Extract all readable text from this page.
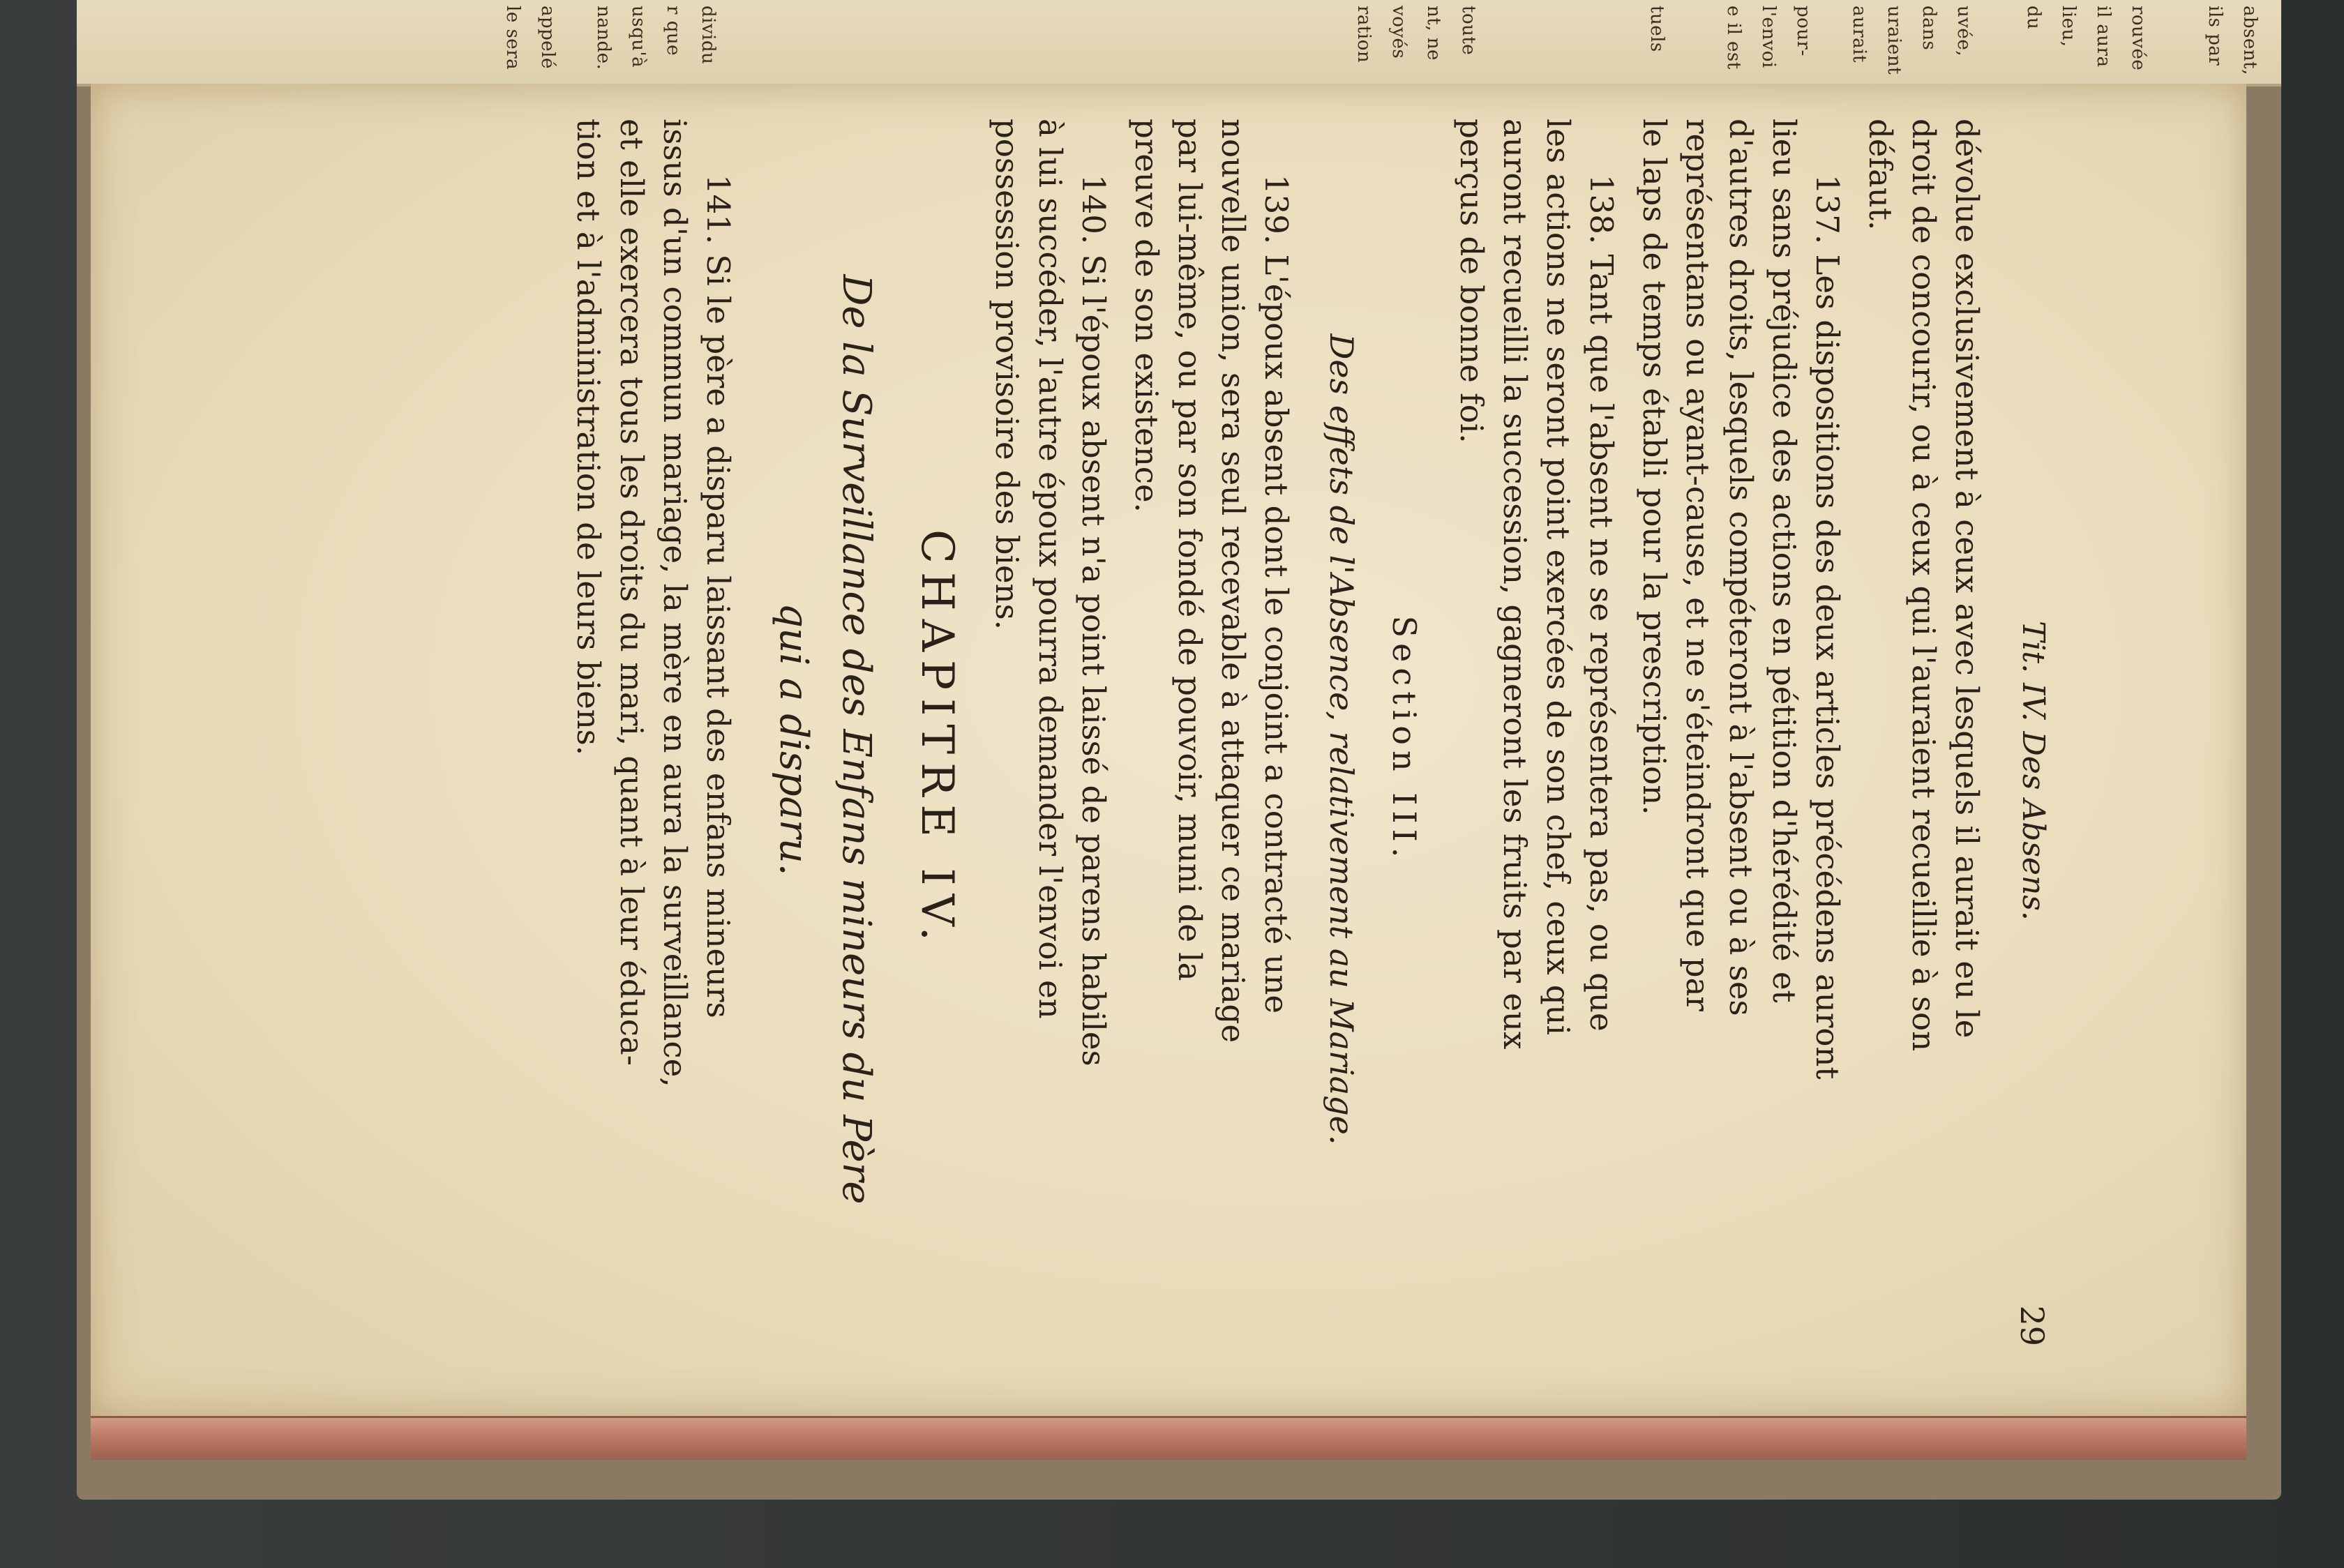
absent,
ils par
rouvée
il aura
lieu,
du
uvée,
dans
uraient
aurait
pour-
l'envoi
e il est
tuels
toute
nt, ne
voyés
ration
dividu
r que
usqu'à
nande.
appelé
le sera
Tit. IV. Des Absens.
29
dévolue exclusivement à ceux avec lesquels il aurait eu le
droit de concourir, ou à ceux qui l'auraient recueillie à son
défaut.
137. Les dispositions des deux articles précédens auront
lieu sans préjudice des actions en pétition d'hérédité et
d'autres droits, lesquels compéteront à l'absent ou à ses
représentans ou ayant-cause, et ne s'éteindront que par
le laps de temps établi pour la prescription.
138. Tant que l'absent ne se représentera pas, ou que
les actions ne seront point exercées de son chef, ceux qui
auront recueilli la succession, gagneront les fruits par eux
perçus de bonne foi.
Section III.
Des effets de l'Absence, relativement au Mariage.
139. L'époux absent dont le conjoint a contracté une
nouvelle union, sera seul recevable à attaquer ce mariage
par lui-même, ou par son fondé de pouvoir, muni de la
preuve de son existence.
140. Si l'époux absent n'a point laissé de parens habiles
à lui succéder, l'autre époux pourra demander l'envoi en
possession provisoire des biens.
CHAPITRE IV.
De la Surveillance des Enfans mineurs du Père
qui a disparu.
141. Si le père a disparu laissant des enfans mineurs
issus d'un commun mariage, la mère en aura la surveillance,
et elle exercera tous les droits du mari, quant à leur éduca-
tion et à l'administration de leurs biens.
